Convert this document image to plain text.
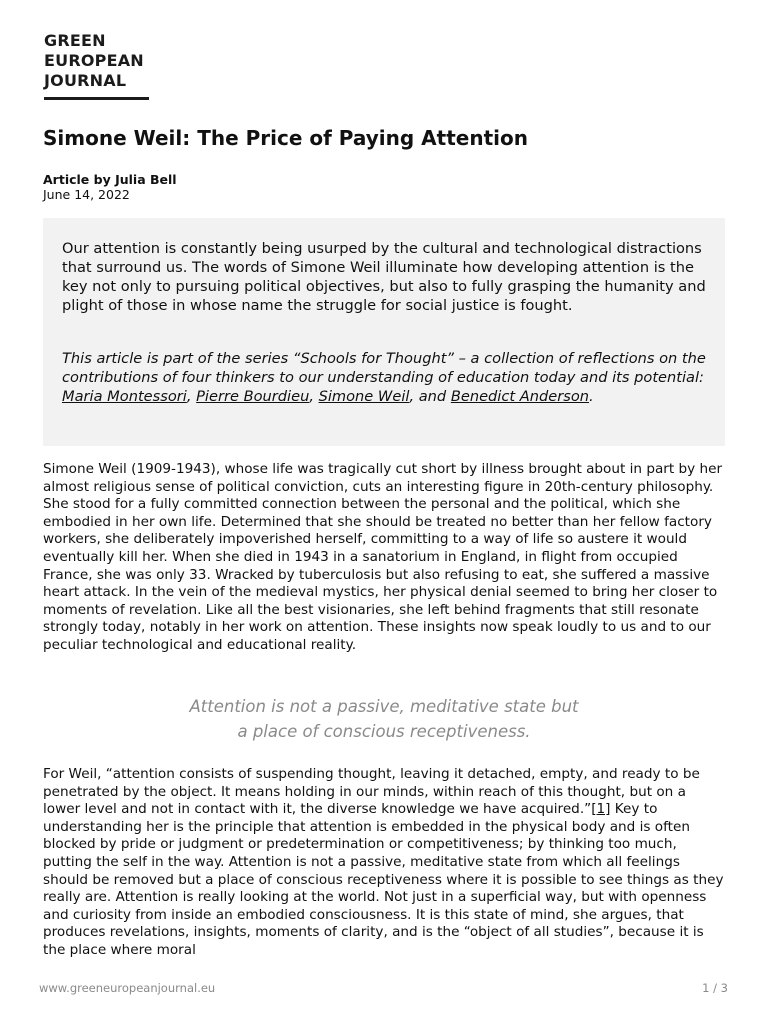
GREEN
EUROPEAN
JOURNAL
Simone Weil: The Price of Paying Attention
Article by Julia Bell
June 14, 2022

Our attention is constantly being usurped by the cultural and technological distractions that surround us. The words of Simone Weil illuminate how developing attention is the key not only to pursuing political objectives, but also to fully grasping the humanity and plight of those in whose name the struggle for social justice is fought.

This article is part of the series “Schools for Thought” – a collection of reflections on the contributions of four thinkers to our understanding of education today and its potential: Maria Montessori, Pierre Bourdieu, Simone Weil, and Benedict Anderson.

Simone Weil (1909-1943), whose life was tragically cut short by illness brought about in part by her almost religious sense of political conviction, cuts an interesting figure in 20th-century philosophy. She stood for a fully committed connection between the personal and the political, which she embodied in her own life. Determined that she should be treated no better than her fellow factory workers, she deliberately impoverished herself, committing to a way of life so austere it would eventually kill her. When she died in 1943 in a sanatorium in England, in flight from occupied France, she was only 33. Wracked by tuberculosis but also refusing to eat, she suffered a massive heart attack. In the vein of the medieval mystics, her physical denial seemed to bring her closer to moments of revelation. Like all the best visionaries, she left behind fragments that still resonate strongly today, notably in her work on attention. These insights now speak loudly to us and to our peculiar technological and educational reality.

Attention is not a passive, meditative state but
a place of conscious receptiveness.

For Weil, “attention consists of suspending thought, leaving it detached, empty, and ready to be penetrated by the object. It means holding in our minds, within reach of this thought, but on a lower level and not in contact with it, the diverse knowledge we have acquired.”[1] Key to understanding her is the principle that attention is embedded in the physical body and is often blocked by pride or judgment or predetermination or competitiveness; by thinking too much, putting the self in the way. Attention is not a passive, meditative state from which all feelings should be removed but a place of conscious receptiveness where it is possible to see things as they really are. Attention is really looking at the world. Not just in a superficial way, but with openness and curiosity from inside an embodied consciousness. It is this state of mind, she argues, that produces revelations, insights, moments of clarity, and is the “object of all studies”, because it is the place where moral

www.greeneuropeanjournal.eu	1 / 3
